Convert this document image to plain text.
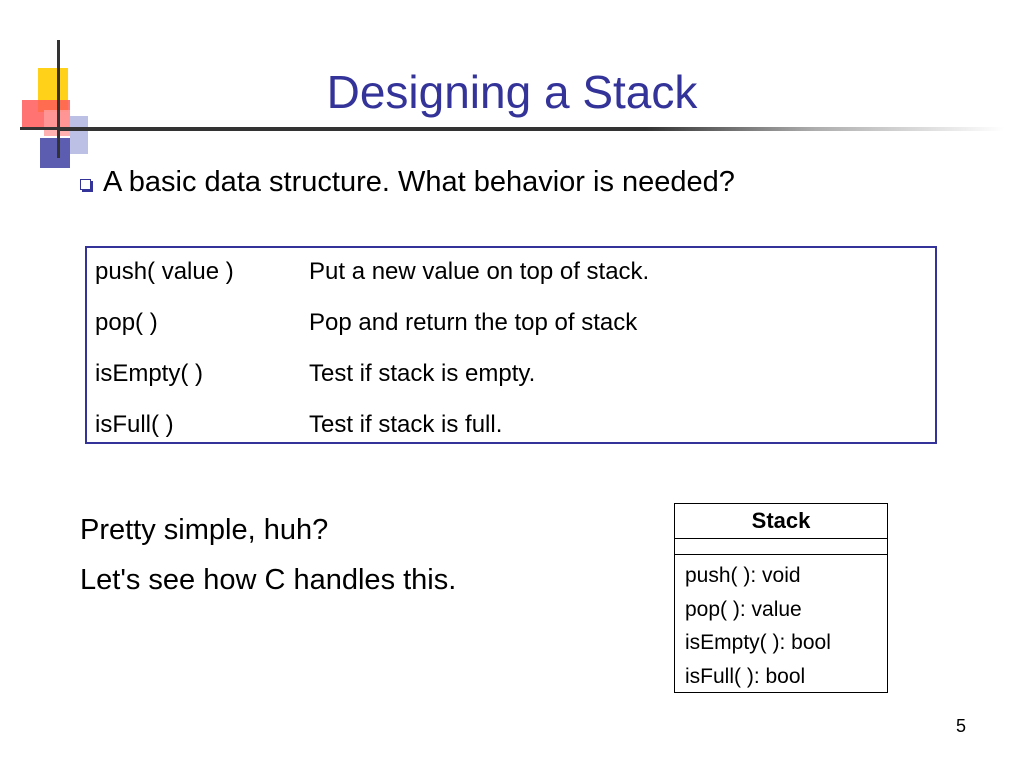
Designing a Stack
A basic data structure. What behavior is needed?
push( value )	Put a new value on top of stack.
pop( )	Pop and return the top of stack
isEmpty( )	Test if stack is empty.
isFull( )	Test if stack is full.
Pretty simple, huh?
Let's see how C handles this.
Stack
push( ): void
pop( ): value
isEmpty( ): bool
isFull( ): bool
5
